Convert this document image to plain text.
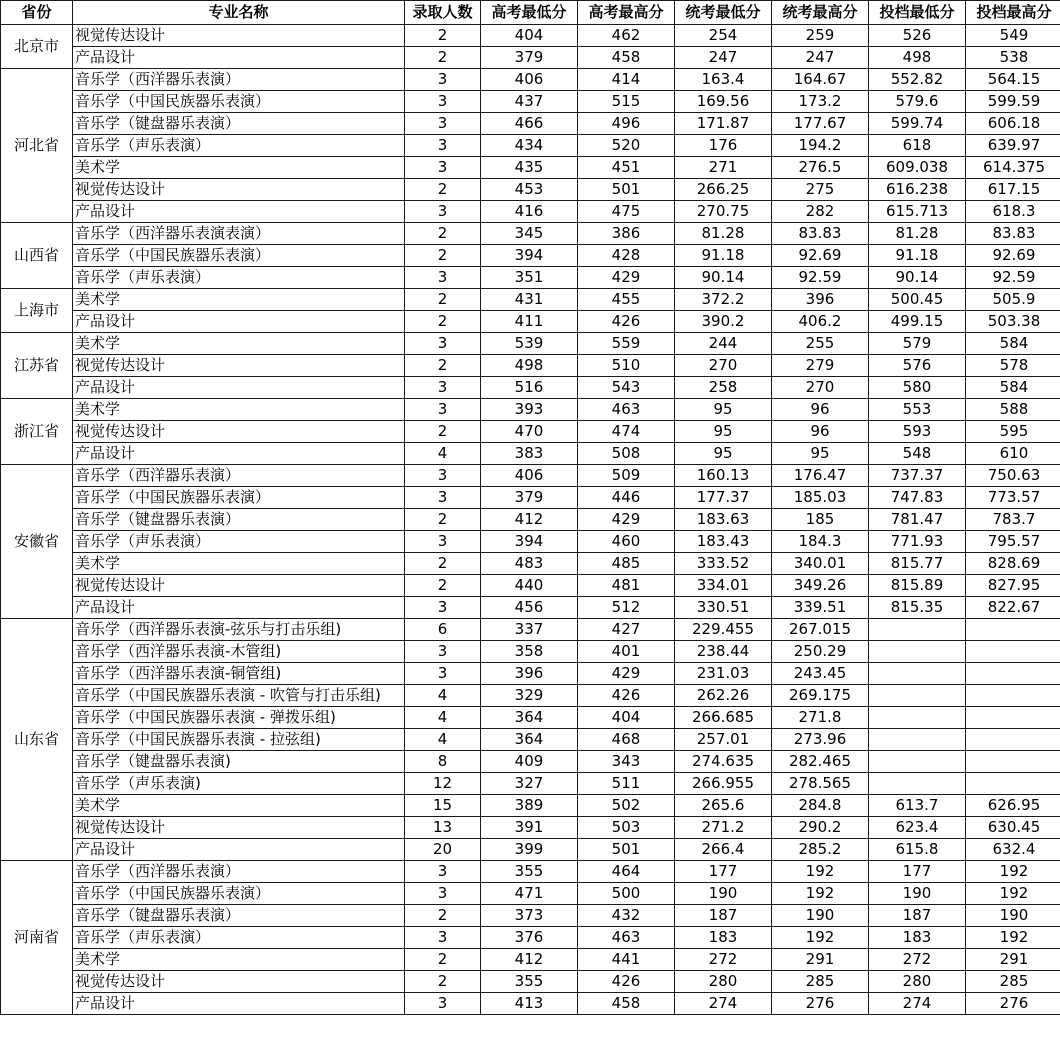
省份	专业名称	录取人数	高考最低分	高考最高分	统考最低分	统考最高分	投档最低分	投档最高分
北京市	视觉传达设计	2	404	462	254	259	526	549
	产品设计	2	379	458	247	247	498	538
河北省	音乐学（西洋器乐表演）	3	406	414	163.4	164.67	552.82	564.15
	音乐学（中国民族器乐表演）	3	437	515	169.56	173.2	579.6	599.59
	音乐学（键盘器乐表演）	3	466	496	171.87	177.67	599.74	606.18
	音乐学（声乐表演）	3	434	520	176	194.2	618	639.97
	美术学	3	435	451	271	276.5	609.038	614.375
	视觉传达设计	2	453	501	266.25	275	616.238	617.15
	产品设计	3	416	475	270.75	282	615.713	618.3
山西省	音乐学（西洋器乐表演表演）	2	345	386	81.28	83.83	81.28	83.83
	音乐学（中国民族器乐表演）	2	394	428	91.18	92.69	91.18	92.69
	音乐学（声乐表演）	3	351	429	90.14	92.59	90.14	92.59
上海市	美术学	2	431	455	372.2	396	500.45	505.9
	产品设计	2	411	426	390.2	406.2	499.15	503.38
江苏省	美术学	3	539	559	244	255	579	584
	视觉传达设计	2	498	510	270	279	576	578
	产品设计	3	516	543	258	270	580	584
浙江省	美术学	3	393	463	95	96	553	588
	视觉传达设计	2	470	474	95	96	593	595
	产品设计	4	383	508	95	95	548	610
安徽省	音乐学（西洋器乐表演）	3	406	509	160.13	176.47	737.37	750.63
	音乐学（中国民族器乐表演）	3	379	446	177.37	185.03	747.83	773.57
	音乐学（键盘器乐表演）	2	412	429	183.63	185	781.47	783.7
	音乐学（声乐表演）	3	394	460	183.43	184.3	771.93	795.57
	美术学	2	483	485	333.52	340.01	815.77	828.69
	视觉传达设计	2	440	481	334.01	349.26	815.89	827.95
	产品设计	3	456	512	330.51	339.51	815.35	822.67
山东省	音乐学（西洋器乐表演-弦乐与打击乐组)	6	337	427	229.455	267.015		
	音乐学（西洋器乐表演-木管组)	3	358	401	238.44	250.29		
	音乐学（西洋器乐表演-铜管组)	3	396	429	231.03	243.45		
	音乐学（中国民族器乐表演 - 吹管与打击乐组)	4	329	426	262.26	269.175		
	音乐学（中国民族器乐表演 - 弹拨乐组)	4	364	404	266.685	271.8		
	音乐学（中国民族器乐表演 - 拉弦组)	4	364	468	257.01	273.96		
	音乐学（键盘器乐表演)	8	409	343	274.635	282.465		
	音乐学（声乐表演)	12	327	511	266.955	278.565		
	美术学	15	389	502	265.6	284.8	613.7	626.95
	视觉传达设计	13	391	503	271.2	290.2	623.4	630.45
	产品设计	20	399	501	266.4	285.2	615.8	632.4
河南省	音乐学（西洋器乐表演）	3	355	464	177	192	177	192
	音乐学（中国民族器乐表演）	3	471	500	190	192	190	192
	音乐学（键盘器乐表演）	2	373	432	187	190	187	190
	音乐学（声乐表演）	3	376	463	183	192	183	192
	美术学	2	412	441	272	291	272	291
	视觉传达设计	2	355	426	280	285	280	285
	产品设计	3	413	458	274	276	274	276
